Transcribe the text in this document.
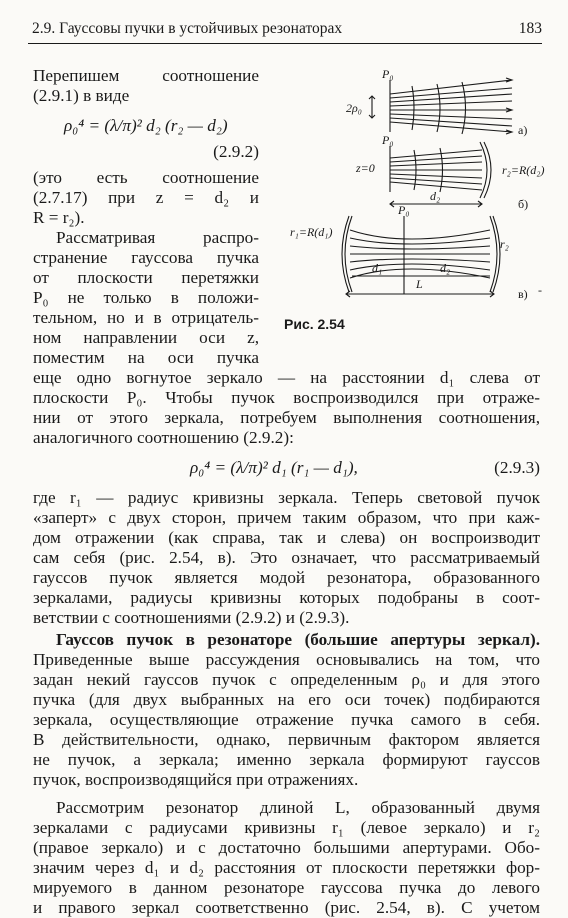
2.9. Гауссовы пучки в устойчивых резонаторах	183
Перепишем соотношение
(2.9.1) в виде
ρ₀⁴ = (λ/π)² d₂ (r₂ — d₂)
(2.9.2)
(это есть соотношение
(2.7.17) при z = d₂ и
R = r₂).
Рассматривая распро-
странение гауссова пучка
от плоскости перетяжки
P₀ не только в положи-
тельном, но и в отрицатель-
ном направлении оси z,
поместим на оси пучка
еще одно вогнутое зеркало — на расстоянии d₁ слева от
плоскости P₀. Чтобы пучок воспроизводился при отраже-
нии от этого зеркала, потребуем выполнения соотношения,
аналогичного соотношению (2.9.2):
ρ₀⁴ = (λ/π)² d₁ (r₁ — d₁),	(2.9.3)
где r₁ — радиус кривизны зеркала. Теперь световой пучок
«заперт» с двух сторон, причем таким образом, что при каж-
дом отражении (как справа, так и слева) он воспроизводит
сам себя (рис. 2.54, в). Это означает, что рассматриваемый
гауссов пучок является модой резонатора, образованного
зеркалами, радиусы кривизны которых подобраны в соот-
ветствии с соотношениями (2.9.2) и (2.9.3).
Гауссов пучок в резонаторе (большие апертуры зеркал).
Приведенные выше рассуждения основывались на том, что
задан некий гауссов пучок с определенным ρ₀ и для этого
пучка (для двух выбранных на его оси точек) подбираются
зеркала, осуществляющие отражение пучка самого в себя.
В действительности, однако, первичным фактором является
не пучок, а зеркала; именно зеркала формируют гауссов
пучок, воспроизводящийся при отражениях.
Рассмотрим резонатор длиной L, образованный двумя
зеркалами с радиусами кривизны r₁ (левое зеркало) и r₂
(правое зеркало) и с достаточно большими апертурами. Обо-
значим через d₁ и d₂ расстояния от плоскости перетяжки фор-
мируемого в данном резонаторе гауссова пучка до левого
и правого зеркал соответственно (рис. 2.54, в). С учетом
P₀
2ρ₀
а)
P₀
z=0	r₂=R(d₂)
d₂
б)
P₀
r₁=R(d₁)
r₂
d₁	d₂
L
в) -
Рис. 2.54
